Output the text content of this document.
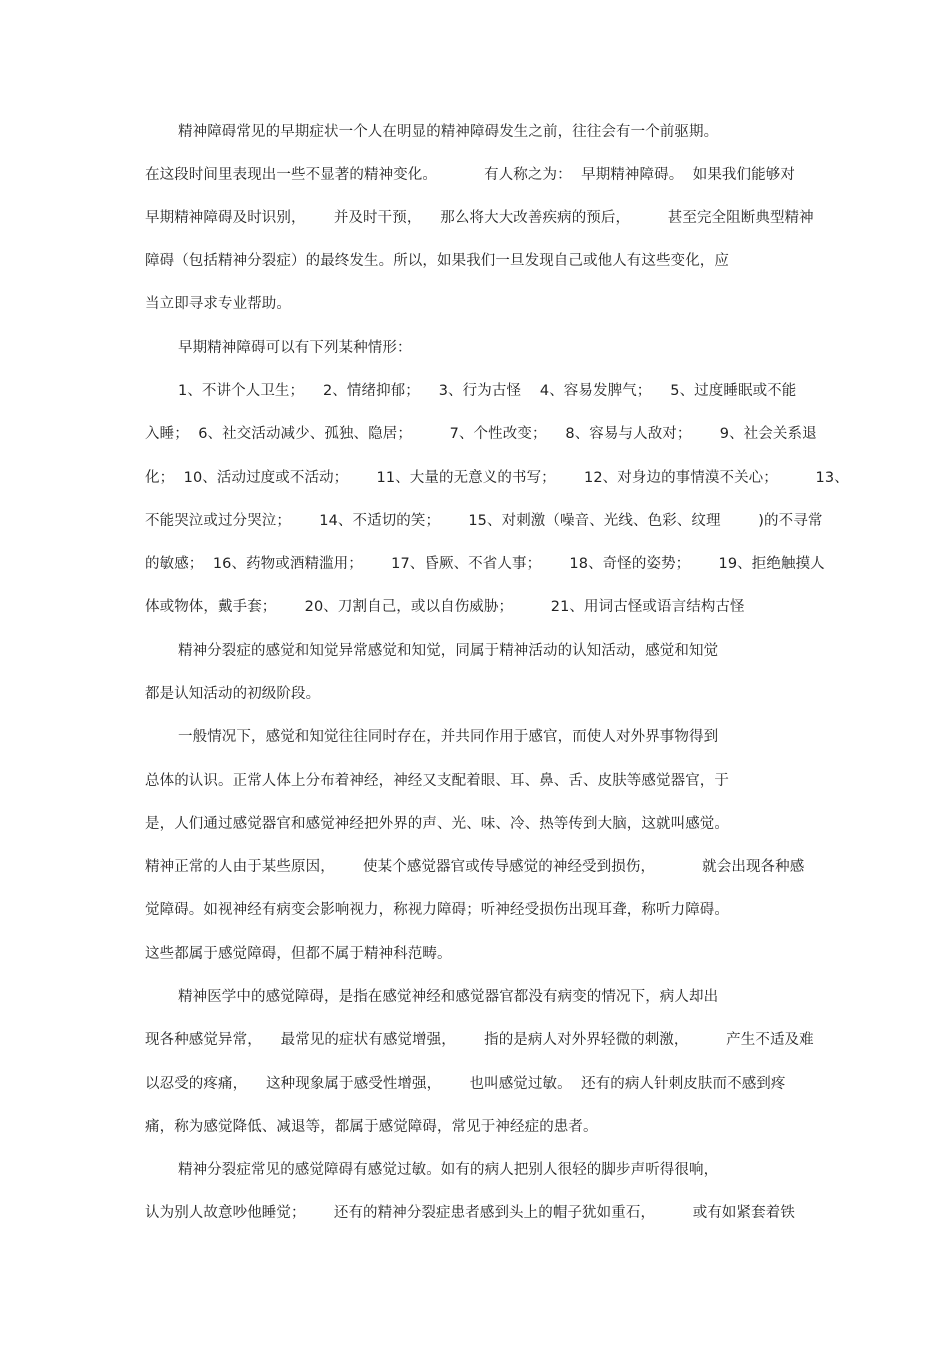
精神障碍常见的早期症状一个人在明显的精神障碍发生之前，往往会有一个前驱期。
在这段时间里表现出一些不显著的精神变化。          有人称之为：  早期精神障碍。  如果我们能够对
早期精神障碍及时识别，      并及时干预，    那么将大大改善疾病的预后，        甚至完全阻断典型精神
障碍（包括精神分裂症）的最终发生。所以，如果我们一旦发现自己或他人有这些变化，应
当立即寻求专业帮助。
早期精神障碍可以有下列某种情形：
1、不讲个人卫生；    2、情绪抑郁；    3、行为古怪    4、容易发脾气；    5、过度睡眠或不能
入睡；  6、社交活动减少、孤独、隐居；        7、个性改变；    8、容易与人敌对；      9、社会关系退
化；  10、活动过度或不活动；      11、大量的无意义的书写；      12、对身边的事情漠不关心；        13、
不能哭泣或过分哭泣；      14、不适切的笑；      15、对刺激（噪音、光线、色彩、纹理        )的不寻常
的敏感；  16、药物或酒精滥用；      17、昏厥、不省人事；      18、奇怪的姿势；      19、拒绝触摸人
体或物体，戴手套；      20、刀割自己，或以自伤威胁；        21、用词古怪或语言结构古怪
精神分裂症的感觉和知觉异常感觉和知觉，同属于精神活动的认知活动，感觉和知觉
都是认知活动的初级阶段。
一般情况下，感觉和知觉往往同时存在，并共同作用于感官，而使人对外界事物得到
总体的认识。正常人体上分布着神经，神经又支配着眼、耳、鼻、舌、皮肤等感觉器官，于
是，人们通过感觉器官和感觉神经把外界的声、光、味、冷、热等传到大脑，这就叫感觉。
精神正常的人由于某些原因，      使某个感觉器官或传导感觉的神经受到损伤，          就会出现各种感
觉障碍。如视神经有病变会影响视力，称视力障碍；听神经受损伤出现耳聋，称听力障碍。
这些都属于感觉障碍，但都不属于精神科范畴。
精神医学中的感觉障碍，是指在感觉神经和感觉器官都没有病变的情况下，病人却出
现各种感觉异常，    最常见的症状有感觉增强，      指的是病人对外界轻微的刺激，        产生不适及难
以忍受的疼痛，    这种现象属于感受性增强，      也叫感觉过敏。  还有的病人针刺皮肤而不感到疼
痛，称为感觉降低、减退等，都属于感觉障碍，常见于神经症的患者。
精神分裂症常见的感觉障碍有感觉过敏。如有的病人把别人很轻的脚步声听得很响，
认为别人故意吵他睡觉；      还有的精神分裂症患者感到头上的帽子犹如重石，        或有如紧套着铁
